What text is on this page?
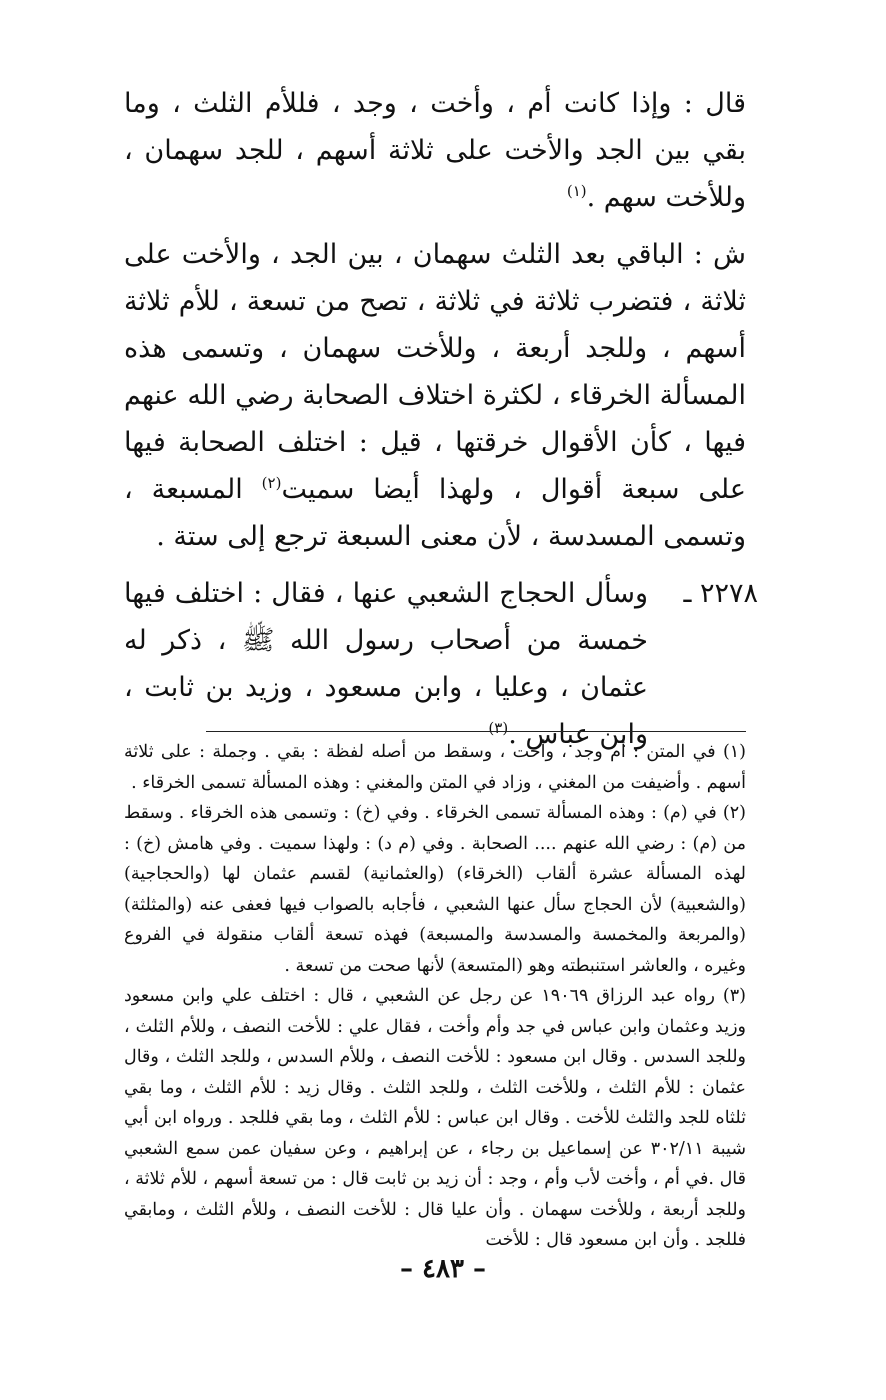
قال : وإذا كانت أم ، وأخت ، وجد ، فللأم الثلث ، وما بقي بين الجد والأخت على ثلاثة أسهم ، للجد سهمان ، وللأخت سهم .$^{(١)}$

ش : الباقي بعد الثلث سهمان ، بين الجد ، والأخت على ثلاثة ، فتضرب ثلاثة في ثلاثة ، تصح من تسعة ، للأم ثلاثة أسهم ، وللجد أربعة ، وللأخت سهمان ، وتسمى هذه المسألة الخرقاء ، لكثرة اختلاف الصحابة رضي الله عنهم فيها ، كأن الأقوال خرقتها ، قيل : اختلف الصحابة فيها على سبعة أقوال ، ولهذا أيضا سميت$^{(٢)}$ المسبعة ، وتسمى المسدسة ، لأن معنى السبعة ترجع إلى ستة .

٢٢٧٨ ـ
وسأل الحجاج الشعبي عنها ، فقال : اختلف فيها خمسة من أصحاب رسول الله ﷺ ، ذكر له عثمان ، وعليا ، وابن مسعود ، وزيد بن ثابت ، وابن عباس .$^{(٣)}$

(١) في المتن : أم وجد ، وأخت ، وسقط من أصله لفظة : بقي . وجملة : على ثلاثة أسهم . وأضيفت من المغني ، وزاد في المتن والمغني : وهذه المسألة تسمى الخرقاء .

(٢) في (م) : وهذه المسألة تسمى الخرقاء . وفي (خ) : وتسمى هذه الخرقاء . وسقط من (م) : رضي الله عنهم .... الصحابة . وفي (م د) : ولهذا سميت . وفي هامش (خ) : لهذه المسألة عشرة ألقاب (الخرقاء) (والعثمانية) لقسم عثمان لها (والحجاجية) (والشعبية) لأن الحجاج سأل عنها الشعبي ، فأجابه بالصواب فيها فعفى عنه (والمثلثة) (والمربعة والمخمسة والمسدسة والمسبعة) فهذه تسعة ألقاب منقولة في الفروع وغيره ، والعاشر استنبطته وهو (المتسعة) لأنها صحت من تسعة .

(٣) رواه عبد الرزاق ١٩٠٦٩ عن رجل عن الشعبي ، قال : اختلف علي وابن مسعود وزيد وعثمان وابن عباس في جد وأم وأخت ، فقال علي : للأخت النصف ، وللأم الثلث ، وللجد السدس . وقال ابن مسعود : للأخت النصف ، وللأم السدس ، وللجد الثلث ، وقال عثمان : للأم الثلث ، وللأخت الثلث ، وللجد الثلث . وقال زيد : للأم الثلث ، وما بقي ثلثاه للجد والثلث للأخت . وقال ابن عباس : للأم الثلث ، وما بقي فللجد . ورواه ابن أبي شيبة ٣٠٢/١١ عن إسماعيل بن رجاء ، عن إبراهيم ، وعن سفيان عمن سمع الشعبي قال .في أم ، وأخت لأب وأم ، وجد : أن زيد بن ثابت قال : من تسعة أسهم ، للأم ثلاثة ، وللجد أربعة ، وللأخت سهمان . وأن عليا قال : للأخت النصف ، وللأم الثلث ، ومابقي فللجد . وأن ابن مسعود قال : للأخت

– ٤٨٣ –
